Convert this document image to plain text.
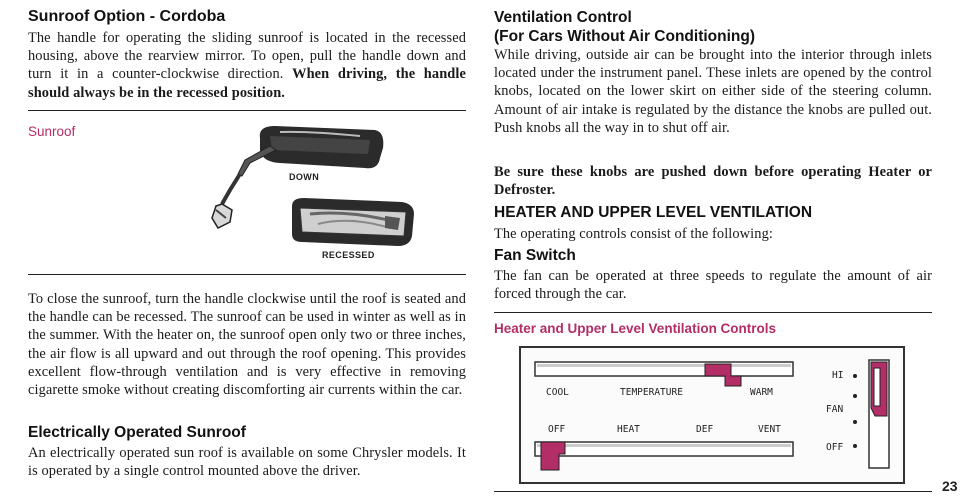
Sunroof Option - Cordoba

The handle for operating the sliding sunroof is located in the recessed housing, above the rearview mirror. To open, pull the handle down and turn it in a counter-clockwise direction. When driving, the handle should always be in the recessed position.

Sunroof

DOWN
RECESSED

To close the sunroof, turn the handle clockwise until the roof is seated and the handle can be recessed. The sunroof can be used in winter as well as in the summer. With the heater on, the sunroof open only two or three inches, the air flow is all upward and out through the roof opening. This provides excellent flow-through ventilation and is very effective in removing cigarette smoke without creating discomforting air currents within the car.

Electrically Operated Sunroof

An electrically operated sun roof is available on some Chrysler models. It is operated by a single control mounted above the driver.

Ventilation Control
(For Cars Without Air Conditioning)

While driving, outside air can be brought into the interior through inlets located under the instrument panel. These inlets are opened by the control knobs, located on the lower skirt on either side of the steering column. Amount of air intake is regulated by the distance the knobs are pulled out. Push knobs all the way in to shut off air.

Be sure these knobs are pushed down before operating Heater or Defroster.

HEATER AND UPPER LEVEL VENTILATION

The operating controls consist of the following:

Fan Switch

The fan can be operated at three speeds to regulate the amount of air forced through the car.

Heater and Upper Level Ventilation Controls

COOL	TEMPERATURE	WARM
OFF	HEAT	DEF	VENT
HI
FAN
OFF
23
